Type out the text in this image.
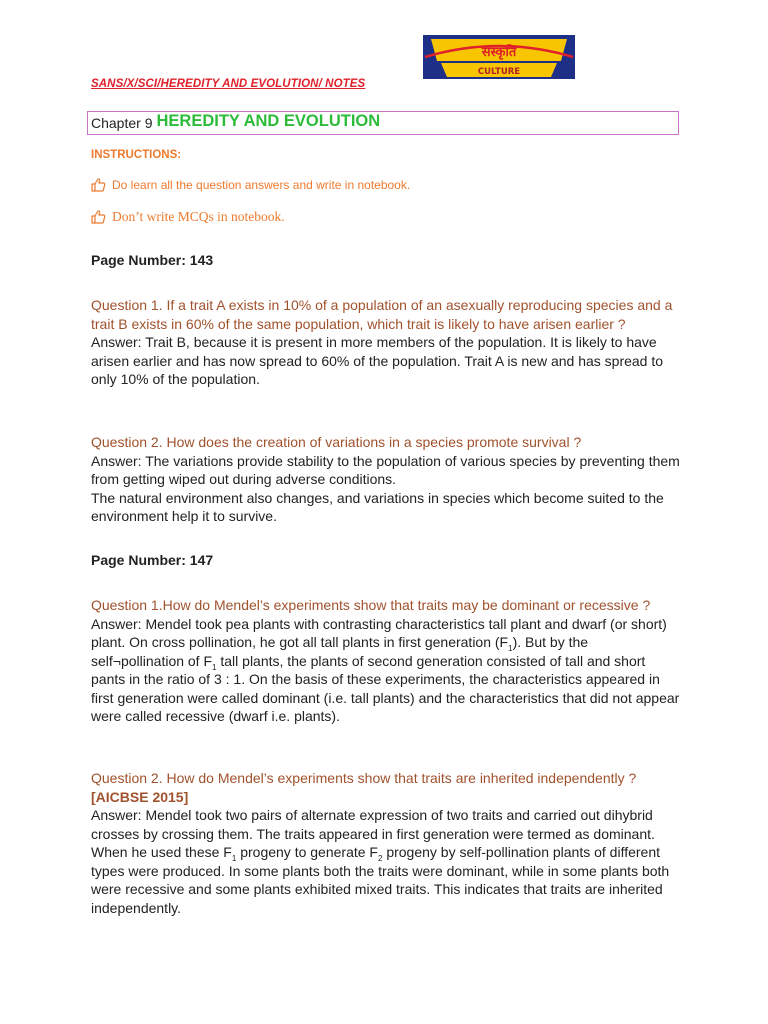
संस्कृति
CULTURE
SANS/X/SCI/HEREDITY AND EVOLUTION/ NOTES
Chapter 9 HEREDITY AND EVOLUTION
INSTRUCTIONS:
Do learn all the question answers and write in notebook.
Don’t write MCQs in notebook.
Page Number: 143
Question 1. If a trait A exists in 10% of a population of an asexually reproducing species and a trait B exists in 60% of the same population, which trait is likely to have arisen earlier ?
Answer: Trait B, because it is present in more members of the population. It is likely to have arisen earlier and has now spread to 60% of the population. Trait A is new and has spread to only 10% of the population.
Question 2. How does the creation of variations in a species promote survival ?
Answer: The variations provide stability to the population of various species by preventing them from getting wiped out during adverse conditions.
The natural environment also changes, and variations in species which become suited to the environment help it to survive.
Page Number: 147
Question 1.How do Mendel’s experiments show that traits may be dominant or recessive ?
Answer: Mendel took pea plants with contrasting characteristics tall plant and dwarf (or short) plant. On cross pollination, he got all tall plants in first generation $(F_1)$. But by the self¬pollination of $F_1$ tall plants, the plants of second generation consisted of tall and short pants in the ratio of 3 : 1. On the basis of these experiments, the characteristics appeared in first generation were called dominant (i.e. tall plants) and the characteristics that did not appear were called recessive (dwarf i.e. plants).
Question 2. How do Mendel’s experiments show that traits are inherited independently ? [AICBSE 2015]
Answer: Mendel took two pairs of alternate expression of two traits and carried out dihybrid crosses by crossing them. The traits appeared in first generation were termed as dominant. When he used these $F_1$ progeny to generate $F_2$ progeny by self-pollination plants of different types were produced. In some plants both the traits were dominant, while in some plants both were recessive and some plants exhibited mixed traits. This indicates that traits are inherited independently.
